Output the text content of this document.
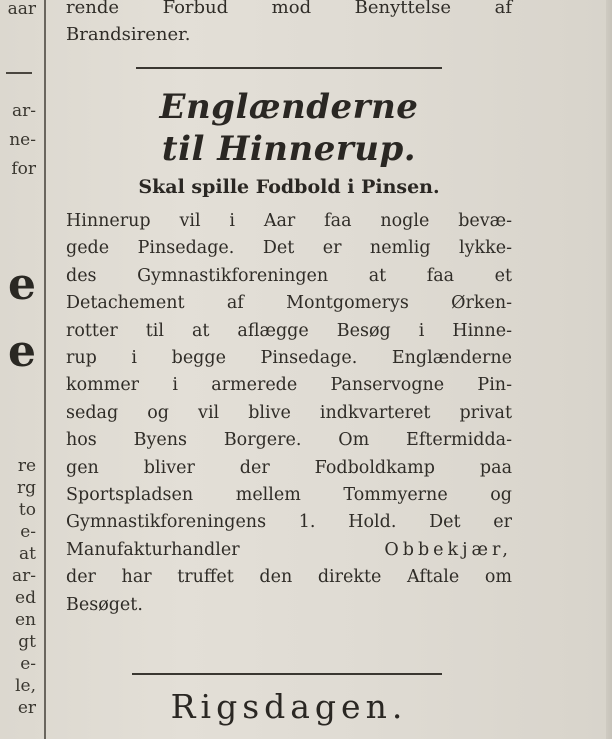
aar
ar-
ne-
for
e
e
re
rg
to
e-
at
ar-
ed
en
gt
e-
le,
er
rende Forbud mod Benyttelse af
Brandsirener.
Englænderne
til Hinnerup.
Skal spille Fodbold i Pinsen.
Hinnerup vil i Aar faa nogle bevæ-
gede Pinsedage. Det er nemlig lykke-
des Gymnastikforeningen at faa et
Detachement af Montgomerys Ørken-
rotter til at aflægge Besøg i Hinne-
rup i begge Pinsedage. Englænderne
kommer i armerede Panservogne Pin-
sedag og vil blive indkvarteret privat
hos Byens Borgere. Om Eftermidda-
gen bliver der Fodboldkamp paa
Sportspladsen mellem Tommyerne og
Gymnastikforeningens 1. Hold. Det er
Manufakturhandler	Obbekjær,
der har truffet den direkte Aftale om
Besøget.
Rigsdagen.
